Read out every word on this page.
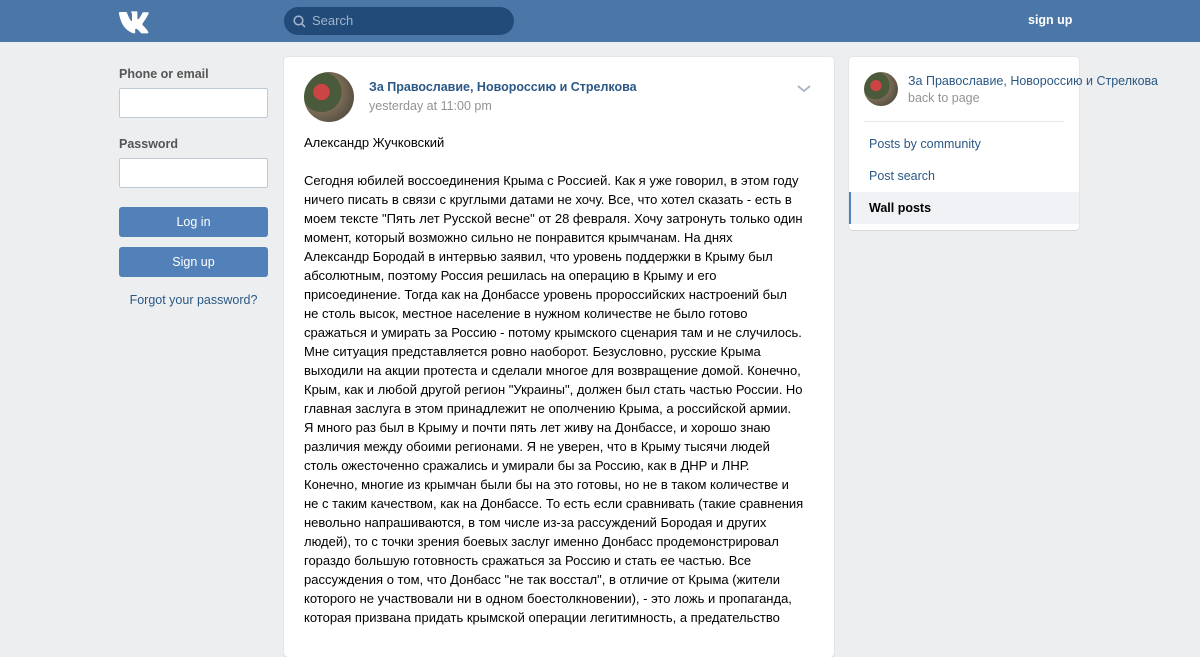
Search	sign up
Phone or email
Password
Log in
Sign up
Forgot your password?
За Православие, Новороссию и Стрелкова
yesterday at 11:00 pm
Александр Жучковский
Сегодня юбилей воссоединения Крыма с Россией. Как я уже говорил, в этом году
ничего писать в связи с круглыми датами не хочу. Все, что хотел сказать - есть в
моем тексте "Пять лет Русской весне" от 28 февраля. Хочу затронуть только один
момент, который возможно сильно не понравится крымчанам. На днях
Александр Бородай в интервью заявил, что уровень поддержки в Крыму был
абсолютным, поэтому Россия решилась на операцию в Крыму и его
присоединение. Тогда как на Донбассе уровень пророссийских настроений был
не столь высок, местное население в нужном количестве не было готово
сражаться и умирать за Россию - потому крымского сценария там и не случилось.
Мне ситуация представляется ровно наоборот. Безусловно, русские Крыма
выходили на акции протеста и сделали многое для возвращение домой. Конечно,
Крым, как и любой другой регион "Украины", должен был стать частью России. Но
главная заслуга в этом принадлежит не ополчению Крыма, а российской армии.
Я много раз был в Крыму и почти пять лет живу на Донбассе, и хорошо знаю
различия между обоими регионами. Я не уверен, что в Крыму тысячи людей
столь ожесточенно сражались и умирали бы за Россию, как в ДНР и ЛНР.
Конечно, многие из крымчан были бы на это готовы, но не в таком количестве и
не с таким качеством, как на Донбассе. То есть если сравнивать (такие сравнения
невольно напрашиваются, в том числе из-за рассуждений Бородая и других
людей), то с точки зрения боевых заслуг именно Донбасс продемонстрировал
гораздо большую готовность сражаться за Россию и стать ее частью. Все
рассуждения о том, что Донбасс "не так восстал", в отличие от Крыма (жители
которого не участвовали ни в одном боестолкновении), - это ложь и пропаганда,
которая призвана придать крымской операции легитимность, а предательство
За Православие, Новороссию и Стрелкова
back to page
Posts by community
Post search
Wall posts
